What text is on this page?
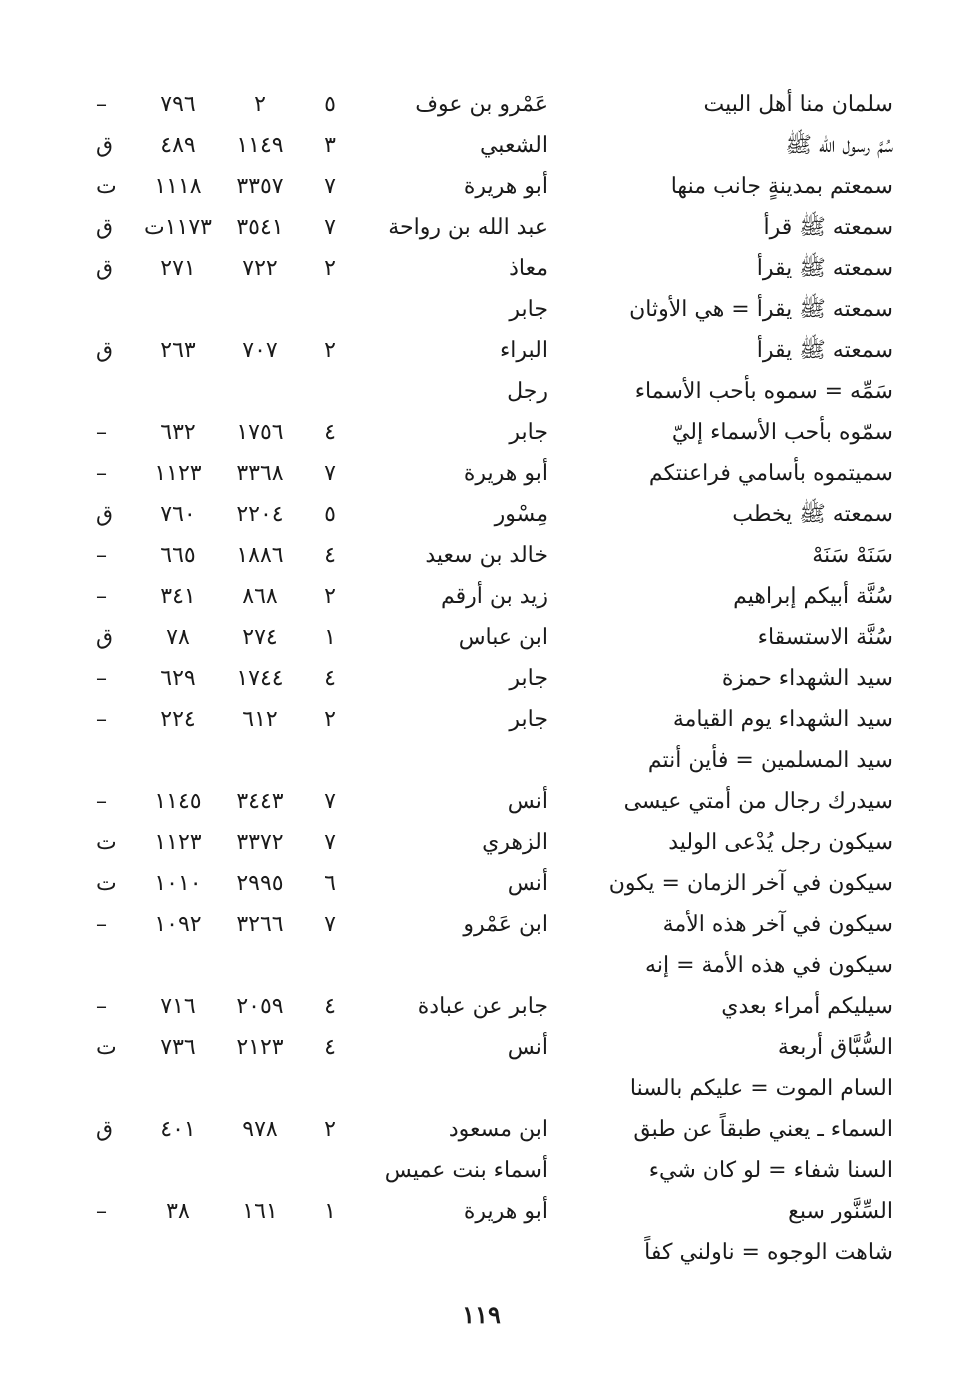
سلمان منا أهل البيت
عَمْرو بن عوف
٥
٢
٧٩٦
–
سُمَّ رسول الله ﷺ
الشعبي
٣
١١٤٩
٤٨٩
ق
سمعتم بمدينةٍ جانب منها
أبو هريرة
٧
٣٣٥٧
١١١٨
ت
سمعته ﷺ قرأ
عبد الله بن رواحة
٧
٣٥٤١
١١٧٣ت
ق
سمعته ﷺ يقرأ
معاذ
٢
٧٢٢
٢٧١
ق
سمعته ﷺ يقرأ = هي الأوثان
جابر
سمعته ﷺ يقرأ
البراء
٢
٧٠٧
٢٦٣
ق
سَمِّه = سموه بأحب الأسماء
رجل
سمّوه بأحب الأسماء إليّ
جابر
٤
١٧٥٦
٦٣٢
–
سميتموه بأسامي فراعنتكم
أبو هريرة
٧
٣٣٦٨
١١٢٣
–
سمعته ﷺ يخطب
مِسْور
٥
٢٢٠٤
٧٦٠
ق
سَنَهْ سَنَهْ
خالد بن سعيد
٤
١٨٨٦
٦٦٥
–
سُنَّة أبيكم إبراهيم
زيد بن أرقم
٢
٨٦٨
٣٤١
–
سُنَّة الاستسقاء
ابن عباس
١
٢٧٤
٧٨
ق
سيد الشهداء حمزة
جابر
٤
١٧٤٤
٦٢٩
–
سيد الشهداء يوم القيامة
جابر
٢
٦١٢
٢٢٤
–
سيد المسلمين = فأين أنتم
سيدرك رجال من أمتي عيسى
أنس
٧
٣٤٤٣
١١٤٥
–
سيكون رجل يُدْعى الوليد
الزهري
٧
٣٣٧٢
١١٢٣
ت
سيكون في آخر الزمان = يكون
أنس
٦
٢٩٩٥
١٠١٠
ت
سيكون في آخر هذه الأمة
ابن عَمْرو
٧
٣٢٦٦
١٠٩٢
–
سيكون في هذه الأمة = إنه
سيليكم أمراء بعدي
جابر عن عبادة
٤
٢٠٥٩
٧١٦
–
السُّبَّاق أربعة
أنس
٤
٢١٢٣
٧٣٦
ت
السام الموت = عليكم بالسنا
السماء ـ يعني طبقاً عن طبق
ابن مسعود
٢
٩٧٨
٤٠١
ق
السنا شفاء = لو كان شيء
أسماء بنت عميس
السِّنَّور سبع
أبو هريرة
١
١٦١
٣٨
–
شاهت الوجوه = ناولني كفاً
١١٩
